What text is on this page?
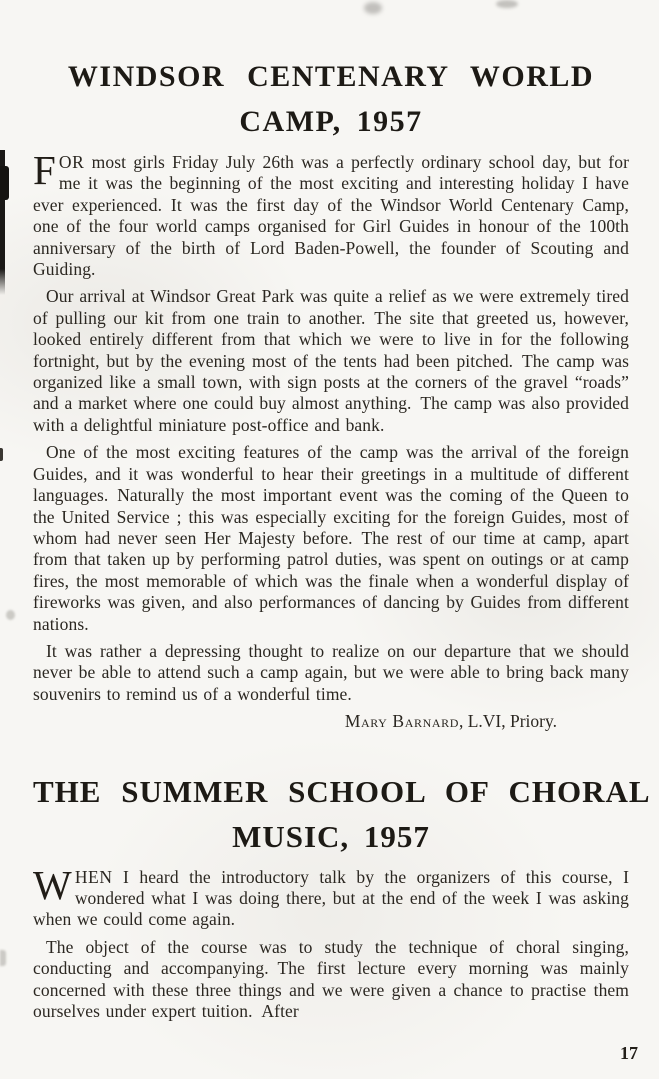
WINDSOR CENTENARY WORLD
CAMP, 1957

FOR most girls Friday July 26th was a perfectly ordinary school day, but for me it was the beginning of the most exciting and interesting holiday I have ever experienced. It was the first day of the Windsor World Centenary Camp, one of the four world camps organised for Girl Guides in honour of the 100th anniversary of the birth of Lord Baden-Powell, the founder of Scouting and Guiding.

Our arrival at Windsor Great Park was quite a relief as we were extremely tired of pulling our kit from one train to another. The site that greeted us, however, looked entirely different from that which we were to live in for the following fortnight, but by the evening most of the tents had been pitched. The camp was organized like a small town, with sign posts at the corners of the gravel “roads” and a market where one could buy almost anything. The camp was also provided with a delightful miniature post-office and bank.

One of the most exciting features of the camp was the arrival of the foreign Guides, and it was wonderful to hear their greetings in a multitude of different languages. Naturally the most important event was the coming of the Queen to the United Service ; this was especially exciting for the foreign Guides, most of whom had never seen Her Majesty before. The rest of our time at camp, apart from that taken up by performing patrol duties, was spent on outings or at camp fires, the most memorable of which was the finale when a wonderful display of fireworks was given, and also performances of dancing by Guides from different nations.

It was rather a depressing thought to realize on our departure that we should never be able to attend such a camp again, but we were able to bring back many souvenirs to remind us of a wonderful time.

Mary Barnard, L.VI, Priory.
THE SUMMER SCHOOL OF CHORAL
MUSIC, 1957

WHEN I heard the introductory talk by the organizers of this course, I wondered what I was doing there, but at the end of the week I was asking when we could come again.

The object of the course was to study the technique of choral singing, conducting and accompanying. The first lecture every morning was mainly concerned with these three things and we were given a chance to practise them ourselves under expert tuition. After

17
